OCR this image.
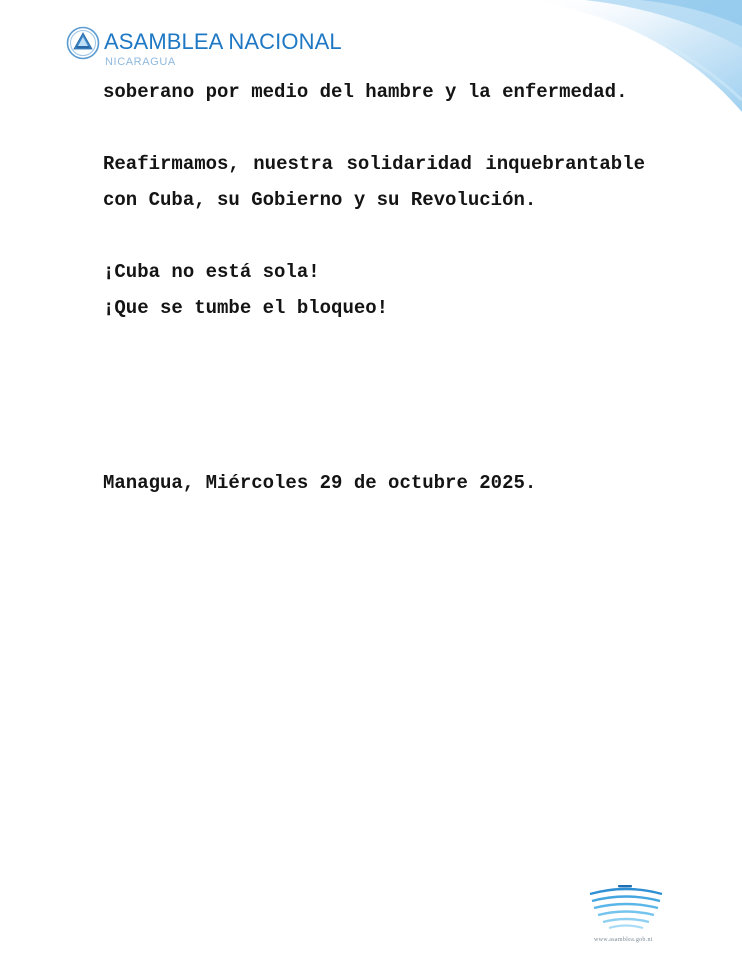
ASAMBLEA NACIONAL
NICARAGUA

soberano por medio del hambre y la enfermedad.

Reafirmamos, nuestra solidaridad inquebrantable con Cuba, su Gobierno y su Revolución.

¡Cuba no está sola!

¡Que se tumbe el bloqueo!

Managua, Miércoles 29 de octubre 2025.
www.asamblea.gob.ni
